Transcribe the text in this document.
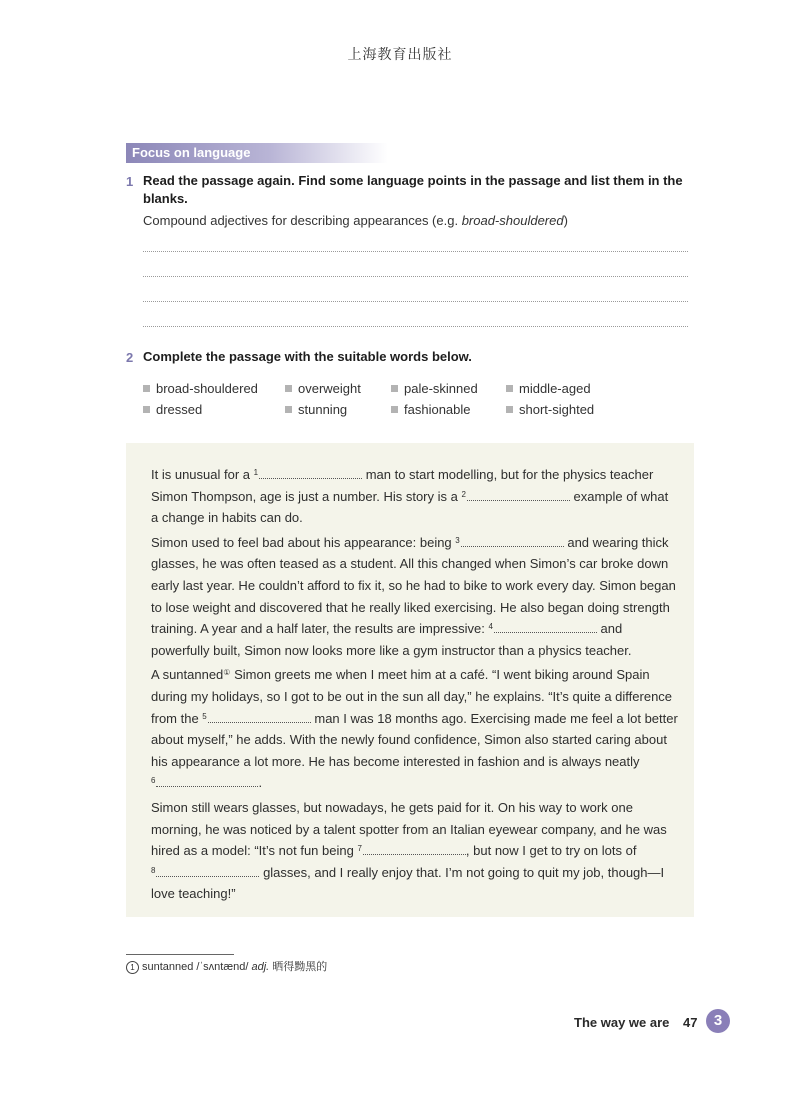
上海教育出版社
Focus on language
1 Read the passage again. Find some language points in the passage and list them in the
blanks.
Compound adjectives for describing appearances (e.g. broad-shouldered)
2 Complete the passage with the suitable words below.
broad-shouldered	overweight	pale-skinned	middle-aged
dressed	stunning	fashionable	short-sighted

It is unusual for a $^1$	man to start modelling, but for the physics teacher Simon Thompson, age is just a number. His story is a $^2$	example of what a change in habits can do.

Simon used to feel bad about his appearance: being $^3$	and wearing thick glasses, he was often teased as a student. All this changed when Simon’s car broke down early last year. He couldn’t afford to fix it, so he had to bike to work every day. Simon began to lose weight and discovered that he really liked exercising. He also began doing strength training. A year and a half later, the results are impressive: $^4$	and powerfully built, Simon now looks more like a gym instructor than a physics teacher.

A suntanned① Simon greets me when I meet him at a café. “I went biking around Spain during my holidays, so I got to be out in the sun all day,” he explains. “It’s quite a difference from the $^5$	man I was 18 months ago. Exercising made me feel a lot better about myself,” he adds. With the newly found confidence, Simon also started caring about his appearance a lot more. He has become interested in fashion and is always neatly
$^6$	.

Simon still wears glasses, but nowadays, he gets paid for it. On his way to work one morning, he was noticed by a talent spotter from an Italian eyewear company, and he was hired as a model: “It’s not fun being $^7$	, but now I get to try on lots of
$^8$	glasses, and I really enjoy that. I’m not going to quit my job, though—I love teaching!”

1 suntanned /ˈsʌntænd/ adj. 晒得黝黑的
The way we are 47	3
